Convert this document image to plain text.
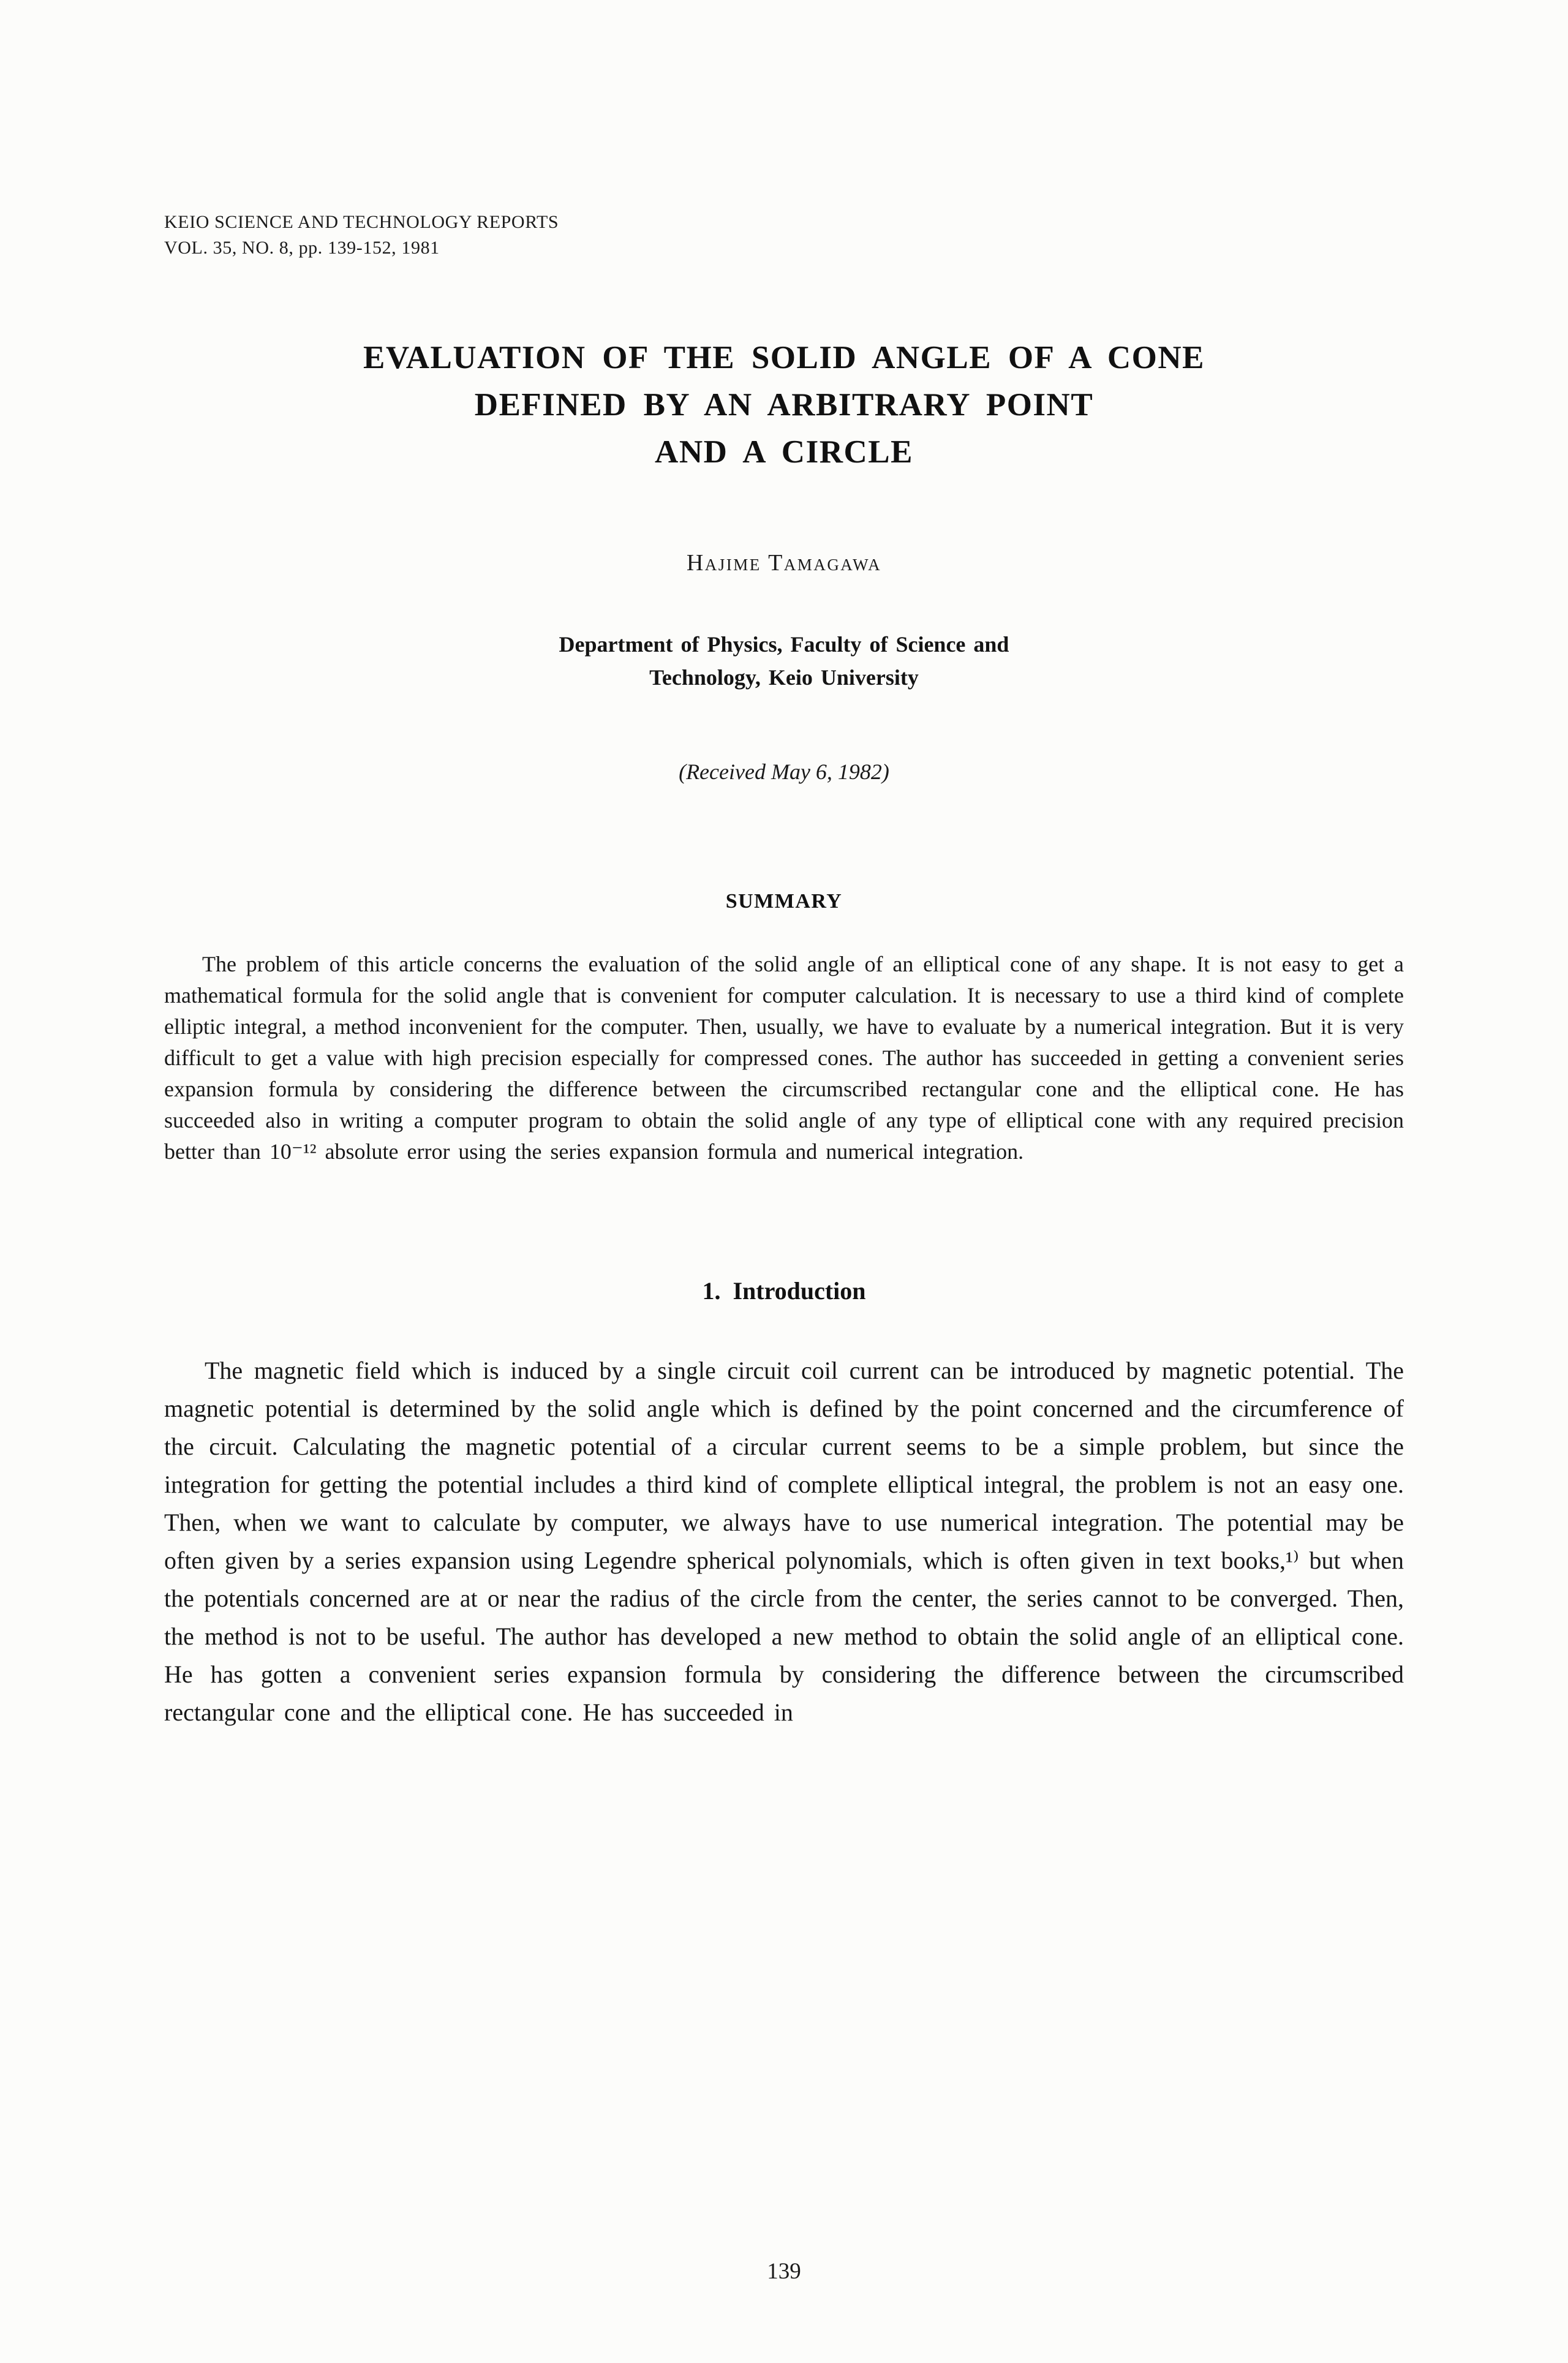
KEIO SCIENCE AND TECHNOLOGY REPORTS
VOL. 35, NO. 8, pp. 139-152, 1981
EVALUATION OF THE SOLID ANGLE OF A CONE
DEFINED BY AN ARBITRARY POINT
AND A CIRCLE
Hajime Tamagawa
Department of Physics, Faculty of Science and
Technology, Keio University
(Received May 6, 1982)
SUMMARY

The problem of this article concerns the evaluation of the solid angle of an elliptical cone of any shape. It is not easy to get a mathematical formula for the solid angle that is convenient for computer calculation. It is necessary to use a third kind of complete elliptic integral, a method inconvenient for the computer. Then, usually, we have to evaluate by a numerical integration. But it is very difficult to get a value with high precision especially for compressed cones. The author has succeeded in getting a convenient series expansion formula by considering the difference between the circumscribed rectangular cone and the elliptical cone. He has succeeded also in writing a computer program to obtain the solid angle of any type of elliptical cone with any required precision better than 10⁻¹² absolute error using the series expansion formula and numerical integration.

1.  Introduction

The magnetic field which is induced by a single circuit coil current can be introduced by magnetic potential. The magnetic potential is determined by the solid angle which is defined by the point concerned and the circumference of the circuit. Calculating the magnetic potential of a circular current seems to be a simple problem, but since the integration for getting the potential includes a third kind of complete elliptical integral, the problem is not an easy one. Then, when we want to calculate by computer, we always have to use numerical integration. The potential may be often given by a series expansion using Legendre spherical polynomials, which is often given in text books,¹⁾ but when the potentials concerned are at or near the radius of the circle from the center, the series cannot to be converged. Then, the method is not to be useful. The author has developed a new method to obtain the solid angle of an elliptical cone. He has gotten a convenient series expansion formula by considering the difference between the circumscribed rectangular cone and the elliptical cone. He has succeeded in

139
